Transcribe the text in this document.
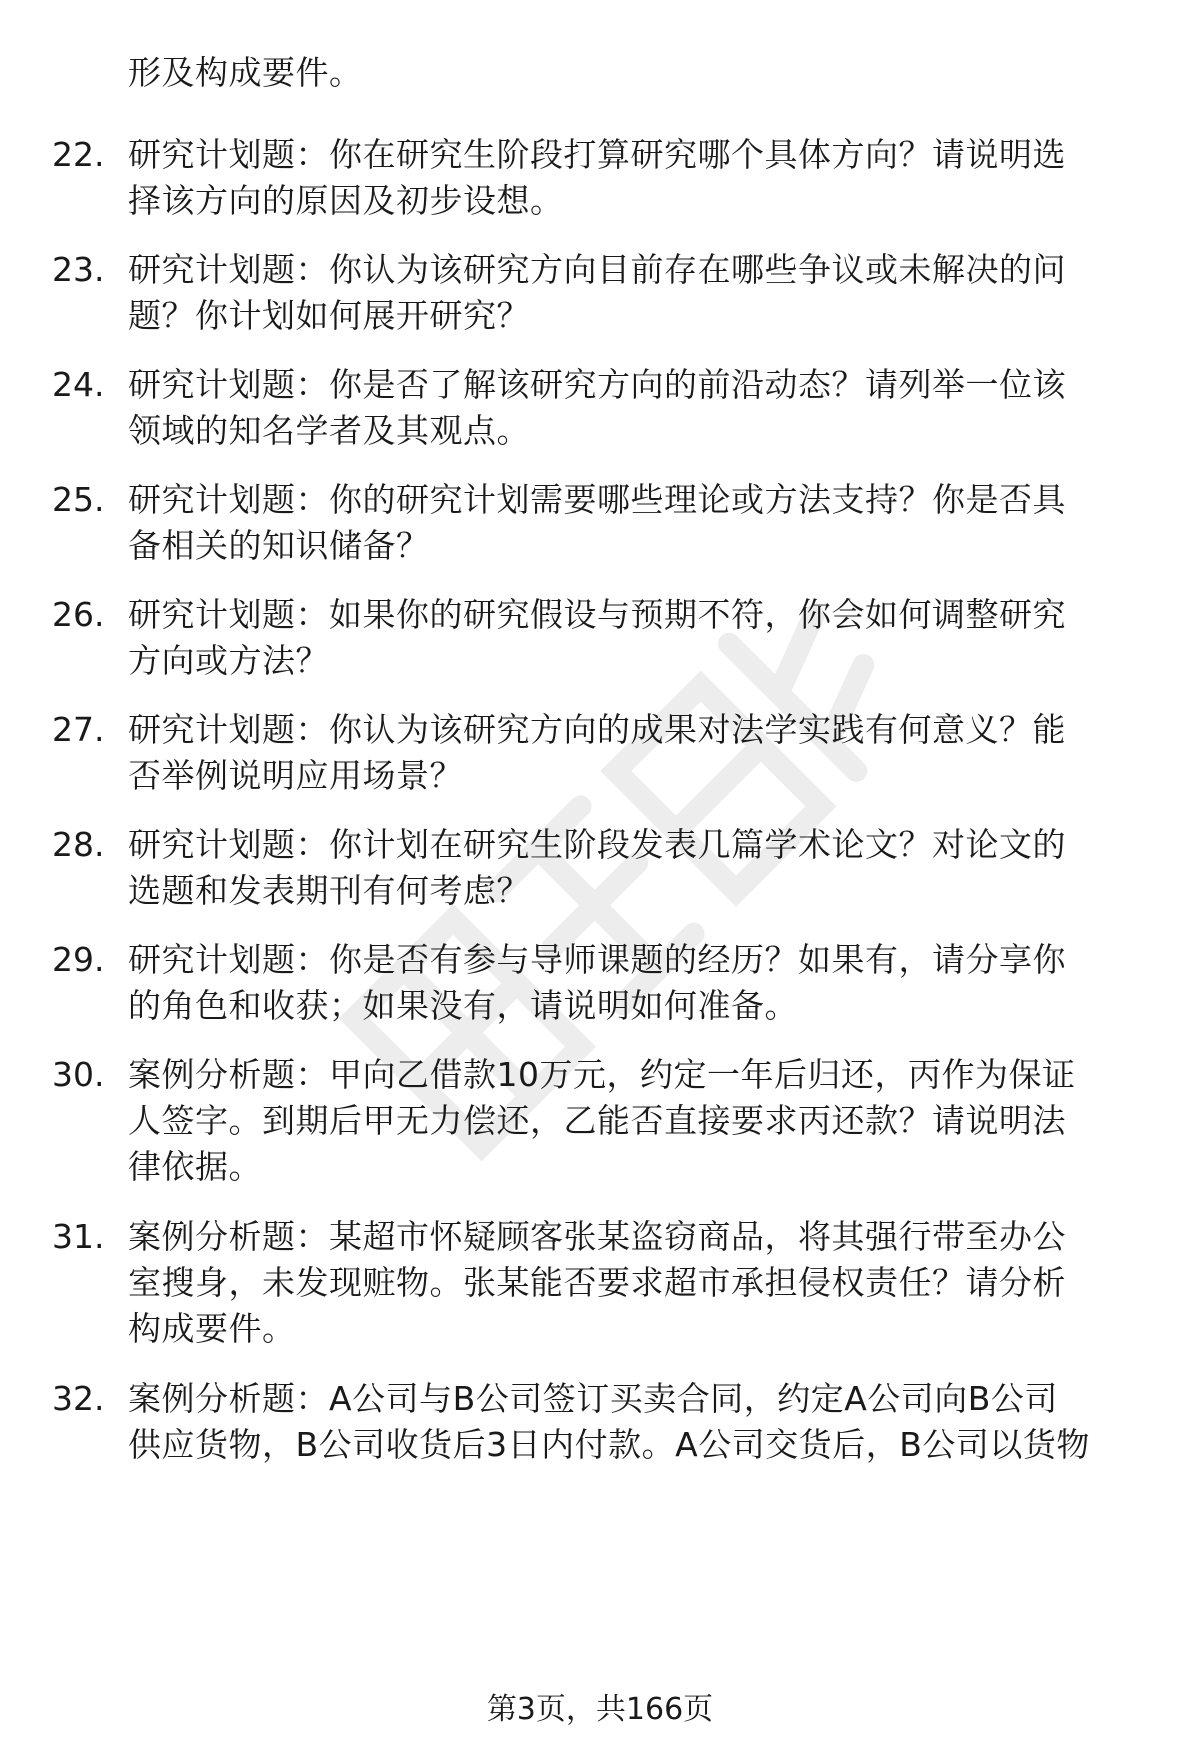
形及构成要件。
22. 研究计划题：你在研究生阶段打算研究哪个具体方向？请说明选
择该方向的原因及初步设想。
23. 研究计划题：你认为该研究方向目前存在哪些争议或未解决的问
题？你计划如何展开研究？
24. 研究计划题：你是否了解该研究方向的前沿动态？请列举一位该
领域的知名学者及其观点。
25. 研究计划题：你的研究计划需要哪些理论或方法支持？你是否具
备相关的知识储备？
26. 研究计划题：如果你的研究假设与预期不符，你会如何调整研究
方向或方法？
27. 研究计划题：你认为该研究方向的成果对法学实践有何意义？能
否举例说明应用场景？
28. 研究计划题：你计划在研究生阶段发表几篇学术论文？对论文的
选题和发表期刊有何考虑？
29. 研究计划题：你是否有参与导师课题的经历？如果有，请分享你
的角色和收获；如果没有，请说明如何准备。
30. 案例分析题：甲向乙借款10万元，约定一年后归还，丙作为保证
人签字。到期后甲无力偿还，乙能否直接要求丙还款？请说明法
律依据。
31. 案例分析题：某超市怀疑顾客张某盗窃商品，将其强行带至办公
室搜身，未发现赃物。张某能否要求超市承担侵权责任？请分析
构成要件。
32. 案例分析题：A公司与B公司签订买卖合同，约定A公司向B公司
供应货物，B公司收货后3日内付款。A公司交货后，B公司以货物
第3页，共166页
